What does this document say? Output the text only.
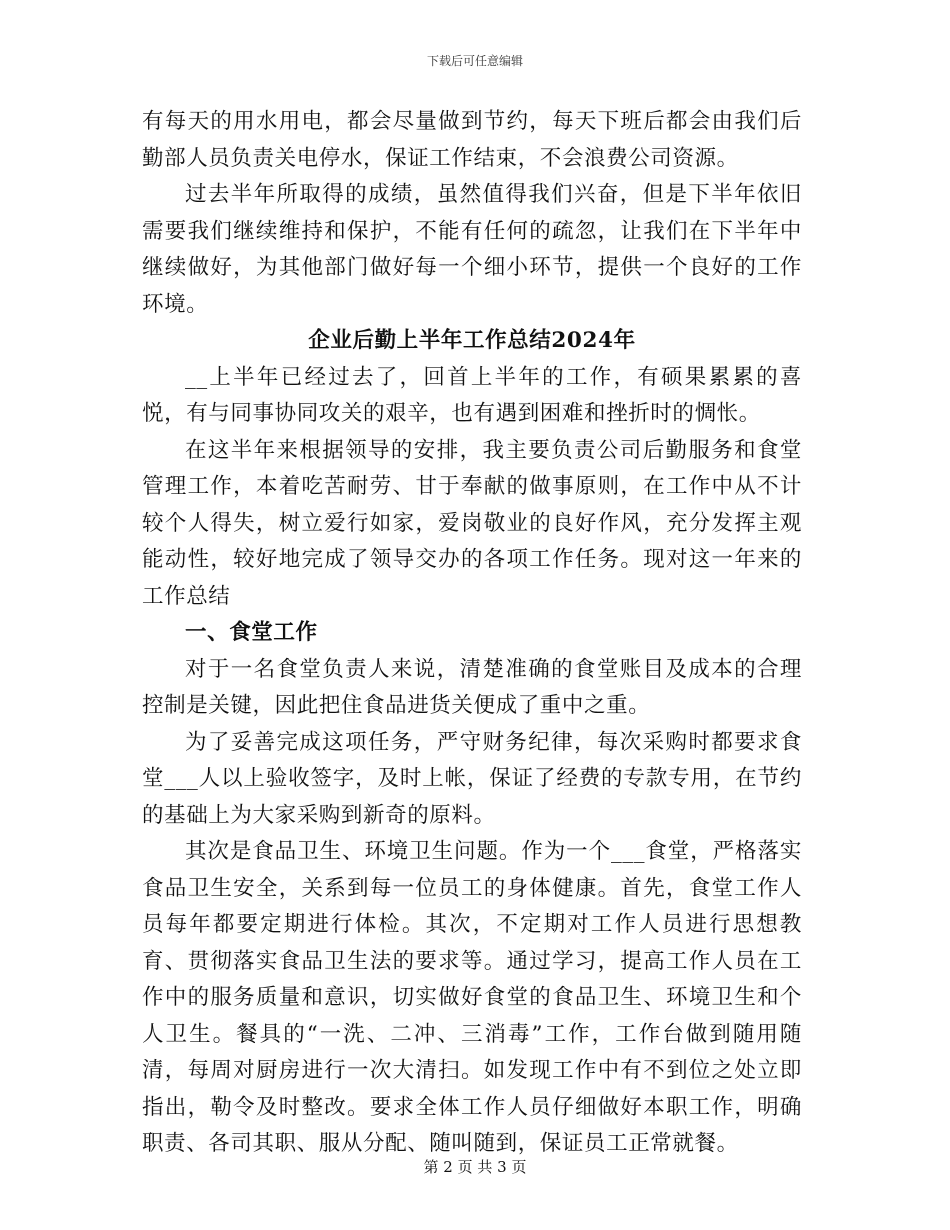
下载后可任意编辑

有每天的用水用电，都会尽量做到节约，每天下班后都会由我们后勤部人员负责关电停水，保证工作结束，不会浪费公司资源。

过去半年所取得的成绩，虽然值得我们兴奋，但是下半年依旧需要我们继续维持和保护，不能有任何的疏忽，让我们在下半年中继续做好，为其他部门做好每一个细小环节，提供一个良好的工作环境。

企业后勤上半年工作总结2024年

__上半年已经过去了，回首上半年的工作，有硕果累累的喜悦，有与同事协同攻关的艰辛，也有遇到困难和挫折时的惆怅。

在这半年来根据领导的安排，我主要负责公司后勤服务和食堂管理工作，本着吃苦耐劳、甘于奉献的做事原则，在工作中从不计较个人得失，树立爱行如家，爱岗敬业的良好作风，充分发挥主观能动性，较好地完成了领导交办的各项工作任务。现对这一年来的工作总结

一、食堂工作

对于一名食堂负责人来说，清楚准确的食堂账目及成本的合理控制是关键，因此把住食品进货关便成了重中之重。

为了妥善完成这项任务，严守财务纪律，每次采购时都要求食堂___人以上验收签字，及时上帐，保证了经费的专款专用，在节约的基础上为大家采购到新奇的原料。

其次是食品卫生、环境卫生问题。作为一个___食堂，严格落实食品卫生安全，关系到每一位员工的身体健康。首先，食堂工作人员每年都要定期进行体检。其次，不定期对工作人员进行思想教育、贯彻落实食品卫生法的要求等。通过学习，提高工作人员在工作中的服务质量和意识，切实做好食堂的食品卫生、环境卫生和个人卫生。餐具的“一洗、二冲、三消毒”工作，工作台做到随用随清，每周对厨房进行一次大清扫。如发现工作中有不到位之处立即指出，勒令及时整改。要求全体工作人员仔细做好本职工作，明确职责、各司其职、服从分配、随叫随到，保证员工正常就餐。

第 2 页 共 3 页
